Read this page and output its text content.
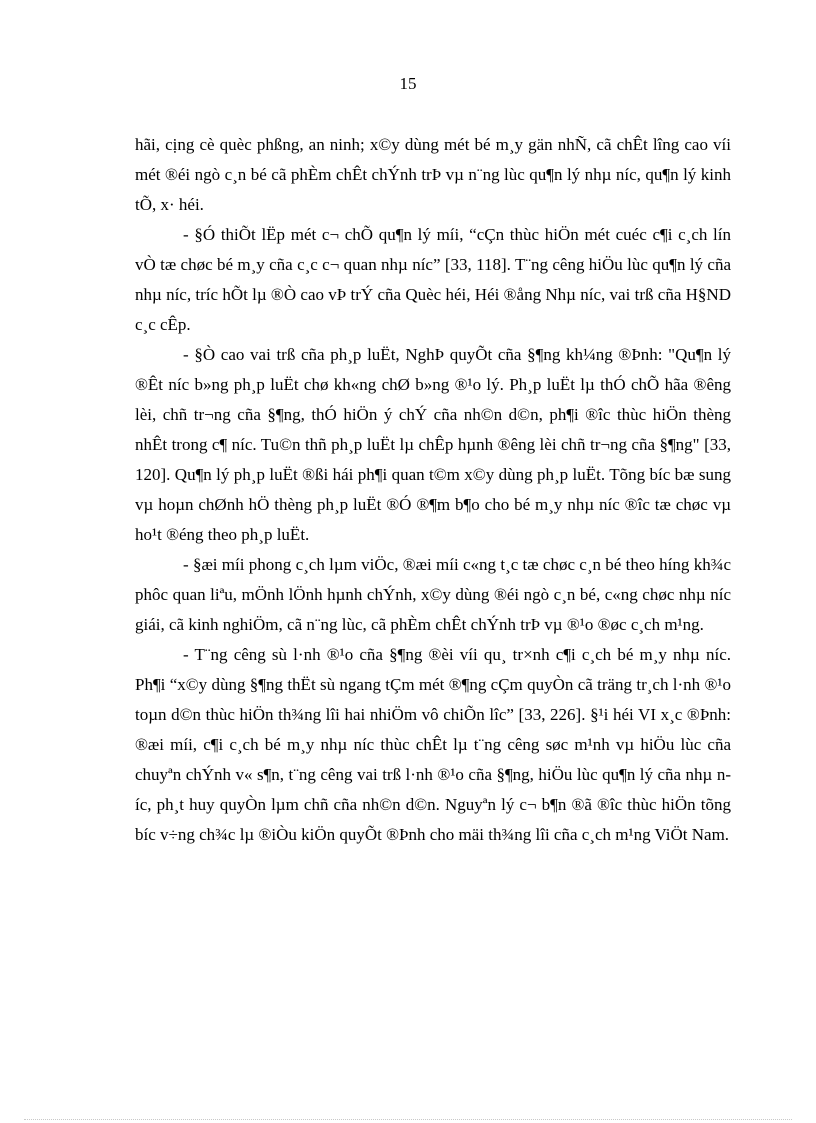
15

hãi, cịng cè quèc phßng, an ninh; x©y dùng mét bé m¸y gän nhÑ, cã chÊt lîng cao víi mét ®éi ngò c¸n bé cã phÈm chÊt chÝnh trÞ vµ n¨ng lùc qu¶n lý nhµ níc, qu¶n lý kinh tÕ, x· héi.

- §Ó thiÕt lËp mét c¬ chÕ qu¶n lý míi, “cÇn thùc hiÖn mét cuéc c¶i c¸ch lín vÒ tæ chøc bé m¸y cña c¸c c¬ quan nhµ níc” [33, 118]. T¨ng cêng hiÖu lùc qu¶n lý cña nhµ níc, tríc hÕt lµ ®Ò cao vÞ trÝ cña Quèc héi, Héi ®ång Nhµ níc, vai trß cña H§ND c¸c cÊp.

- §Ò cao vai trß cña ph¸p luËt, NghÞ quyÕt cña §¶ng kh¼ng ®Þnh: "Qu¶n lý ®Êt níc b»ng ph¸p luËt chø kh«ng chØ b»ng ®¹o lý. Ph¸p luËt lµ thÓ chÕ hãa ®êng lèi, chñ tr¬ng cña §¶ng, thÓ hiÖn ý chÝ cña nh©n d©n, ph¶i ®îc thùc hiÖn thèng nhÊt trong c¶ níc. Tu©n thñ ph¸p luËt lµ chÊp hµnh ®êng lèi chñ tr¬ng cña §¶ng" [33, 120]. Qu¶n lý ph¸p luËt ®ßi hái ph¶i quan t©m x©y dùng ph¸p luËt. Tõng bíc bæ sung vµ hoµn chØnh hÖ thèng ph¸p luËt ®Ó ®¶m b¶o cho bé m¸y nhµ níc ®îc tæ chøc vµ ho¹t ®éng theo ph¸p luËt.

- §æi míi phong c¸ch lµm viÖc, ®æi míi c«ng t¸c tæ chøc c¸n bé theo híng kh¾c phôc quan liªu, mÖnh lÖnh hµnh chÝnh, x©y dùng ®éi ngò c¸n bé, c«ng chøc nhµ níc giái, cã kinh nghiÖm, cã n¨ng lùc, cã phÈm chÊt chÝnh trÞ vµ ®¹o ®øc c¸ch m¹ng.

- T¨ng cêng sù l·nh ®¹o cña §¶ng ®èi víi qu¸ tr×nh c¶i c¸ch bé m¸y nhµ níc. Ph¶i “x©y dùng §¶ng thËt sù ngang tÇm mét ®¶ng cÇm quyÒn cã träng tr¸ch l·nh ®¹o toµn d©n thùc hiÖn th¾ng lîi hai nhiÖm vô chiÕn lîc” [33, 226]. §¹i héi VI x¸c ®Þnh: ®æi míi, c¶i c¸ch bé m¸y nhµ níc thùc chÊt lµ t¨ng cêng søc m¹nh vµ hiÖu lùc cña chuyªn chÝnh v« s¶n, t¨ng cêng vai trß l·nh ®¹o cña §¶ng, hiÖu lùc qu¶n lý cña nhµ níc, ph¸t huy quyÒn lµm chñ cña nh©n d©n. Nguyªn lý c¬ b¶n ®ã ®îc thùc hiÖn tõng bíc v÷ng ch¾c lµ ®iÒu kiÖn quyÕt ®Þnh cho mäi th¾ng lîi cña c¸ch m¹ng ViÖt Nam.
